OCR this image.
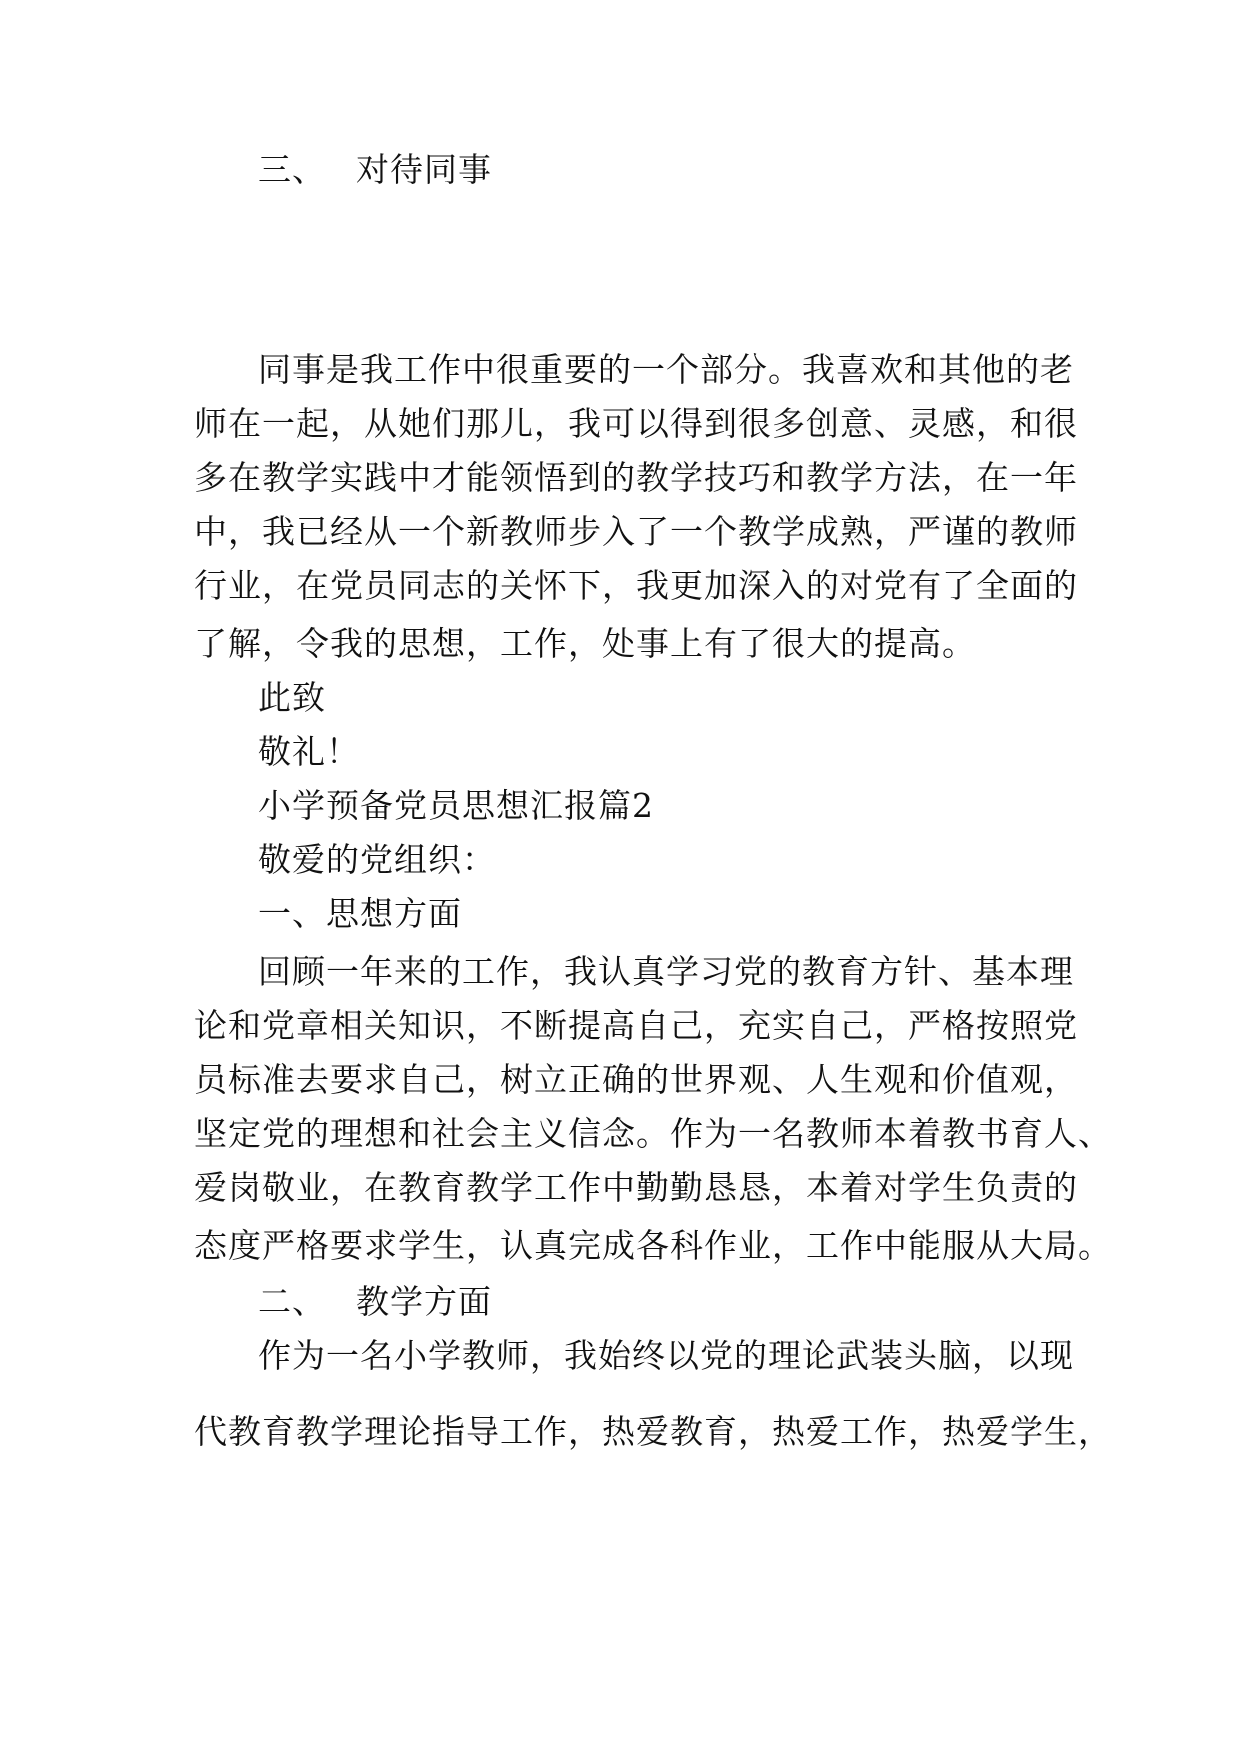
三、 对待同事
同事是我工作中很重要的一个部分。我喜欢和其他的老
师在一起，从她们那儿，我可以得到很多创意、灵感，和很
多在教学实践中才能领悟到的教学技巧和教学方法，在一年
中，我已经从一个新教师步入了一个教学成熟，严谨的教师
行业，在党员同志的关怀下，我更加深入的对党有了全面的
了解，令我的思想，工作，处事上有了很大的提高。
此致
敬礼！
小学预备党员思想汇报篇2
敬爱的党组织：
一、思想方面
回顾一年来的工作，我认真学习党的教育方针、基本理
论和党章相关知识，不断提高自己，充实自己，严格按照党
员标准去要求自己，树立正确的世界观、人生观和价值观，
坚定党的理想和社会主义信念。作为一名教师本着教书育人、
爱岗敬业，在教育教学工作中勤勤恳恳，本着对学生负责的
态度严格要求学生，认真完成各科作业，工作中能服从大局。
二、 教学方面
作为一名小学教师，我始终以党的理论武装头脑，以现
代教育教学理论指导工作，热爱教育，热爱工作，热爱学生，
